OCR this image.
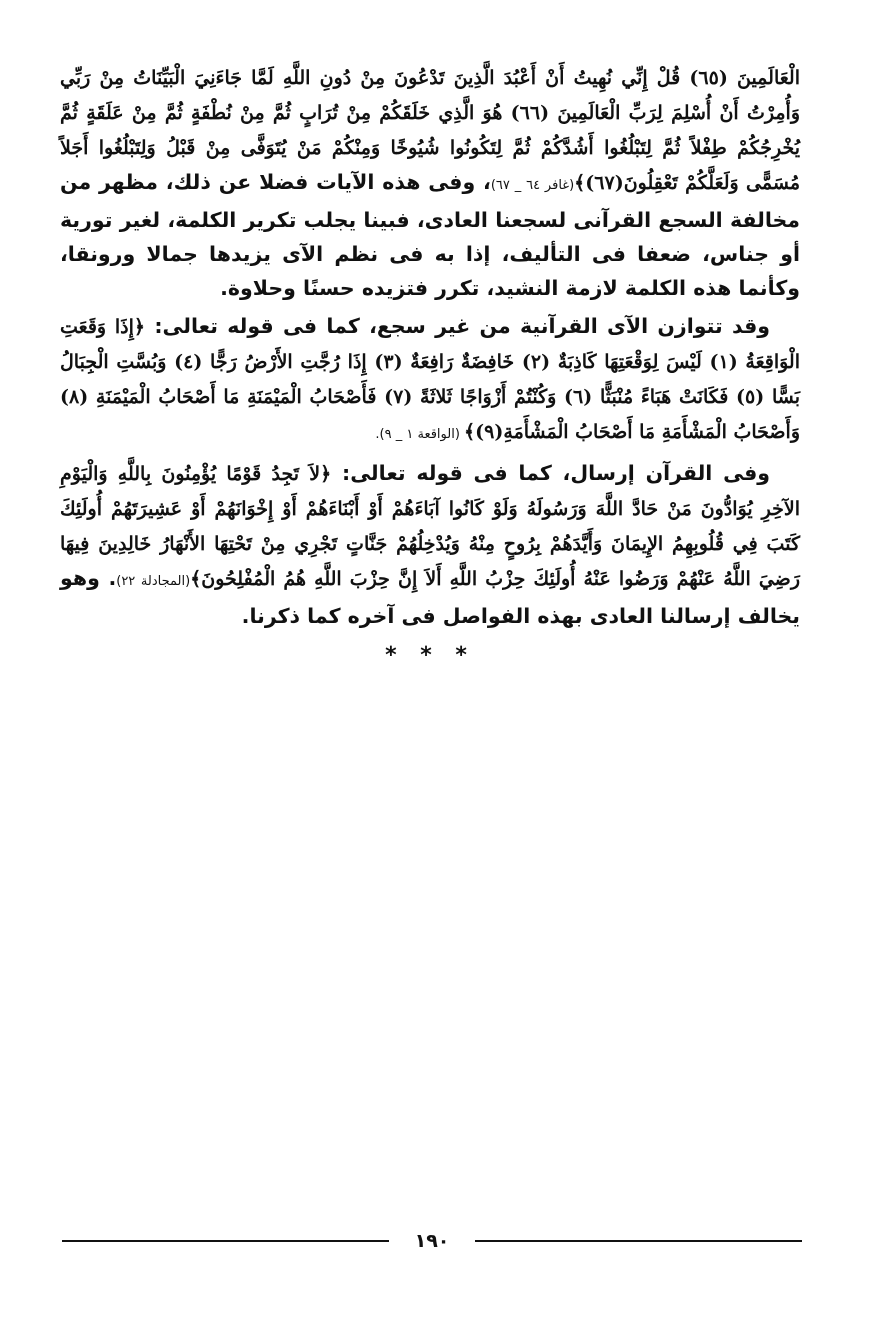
الْعَالَمِينَ (٦٥) قُلْ إِنِّي نُهِيتُ أَنْ أَعْبُدَ الَّذِينَ تَدْعُونَ مِنْ دُونِ اللَّهِ لَمَّا جَاءَنِيَ الْبَيِّنَاتُ مِنْ رَبِّي وَأُمِرْتُ أَنْ أُسْلِمَ لِرَبِّ الْعَالَمِينَ (٦٦) هُوَ الَّذِي خَلَقَكُمْ مِنْ تُرَابٍ ثُمَّ مِنْ نُطْفَةٍ ثُمَّ مِنْ عَلَقَةٍ ثُمَّ يُخْرِجُكُمْ طِفْلاً ثُمَّ لِتَبْلُغُوا أَشُدَّكُمْ ثُمَّ لِتَكُونُوا شُيُوخًا وَمِنْكُمْ مَنْ يُتَوَفَّى مِنْ قَبْلُ وَلِتَبْلُغُوا أَجَلاً مُسَمًّى وَلَعَلَّكُمْ تَعْقِلُونَ(٦٧)﴾(غافر ٦٤ _ ٦٧)، وفى هذه الآيات فضلا عن ذلك، مظهر من مخالفة السجع القرآنى لسجعنا العادى، فبينا يجلب تكرير الكلمة، لغير تورية أو جناس، ضعفا فى التأليف، إذا به فى نظم الآى يزيدها جمالا ورونقا، وكأنما هذه الكلمة لازمة النشيد، تكرر فتزيده حسنًا وحلاوة.

وقد تتوازن الآى القرآنية من غير سجع، كما فى قوله تعالى: ﴿إِذَا وَقَعَتِ الْوَاقِعَةُ (١) لَيْسَ لِوَقْعَتِهَا كَاذِبَةٌ (٢) خَافِضَةٌ رَافِعَةٌ (٣) إِذَا رُجَّتِ الأَرْضُ رَجًّا (٤) وَبُسَّتِ الْجِبَالُ بَسًّا (٥) فَكَانَتْ هَبَاءً مُنْبَثًّا (٦) وَكُنْتُمْ أَزْوَاجًا ثَلاثَةً (٧) فَأَصْحَابُ الْمَيْمَنَةِ مَا أَصْحَابُ الْمَيْمَنَةِ (٨) وَأَصْحَابُ الْمَشْأَمَةِ مَا أَصْحَابُ الْمَشْأَمَةِ(٩)﴾ (الواقعة ١ _ ٩).

وفى القرآن إرسال، كما فى قوله تعالى: ﴿لاَ تَجِدُ قَوْمًا يُؤْمِنُونَ بِاللَّهِ وَالْيَوْمِ الآخِرِ يُوَادُّونَ مَنْ حَادَّ اللَّهَ وَرَسُولَهُ وَلَوْ كَانُوا آبَاءَهُمْ أَوْ أَبْنَاءَهُمْ أَوْ إِخْوَانَهُمْ أَوْ عَشِيرَتَهُمْ أُولَئِكَ كَتَبَ فِي قُلُوبِهِمُ الإِيمَانَ وَأَيَّدَهُمْ بِرُوحٍ مِنْهُ وَيُدْخِلُهُمْ جَنَّاتٍ تَجْرِي مِنْ تَحْتِهَا الأَنْهَارُ خَالِدِينَ فِيهَا رَضِيَ اللَّهُ عَنْهُمْ وَرَضُوا عَنْهُ أُولَئِكَ حِزْبُ اللَّهِ أَلاَ إِنَّ حِزْبَ اللَّهِ هُمُ الْمُفْلِحُونَ﴾(المجادلة ٢٢). وهو يخالف إرسالنا العادى بهذه الفواصل فى آخره كما ذكرنا.

* * *
١٩٠
